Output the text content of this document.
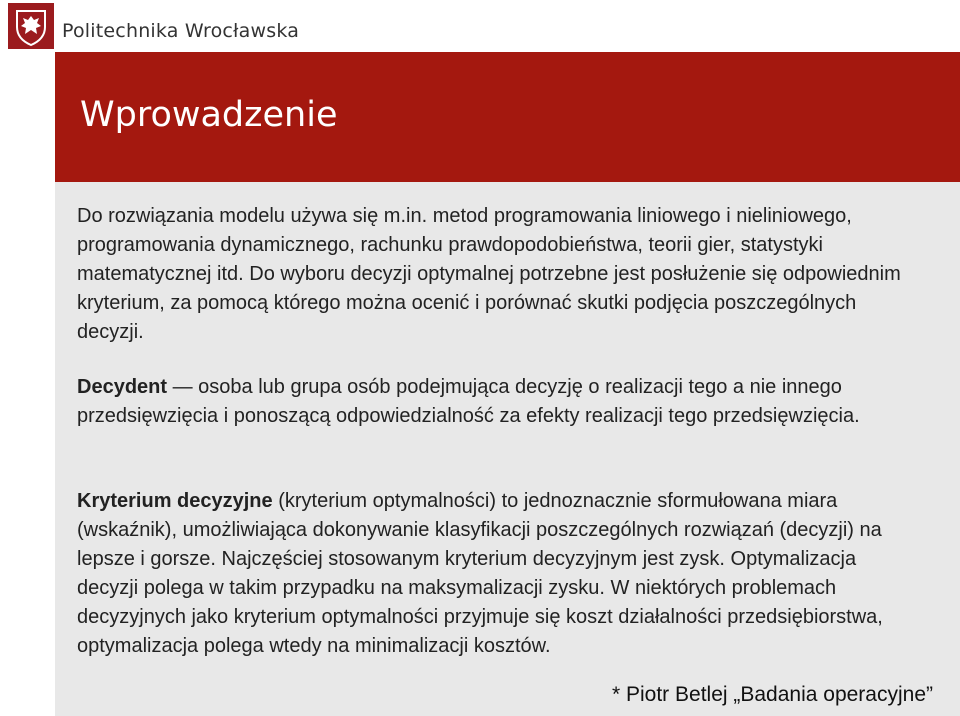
Politechnika Wrocławska
Wprowadzenie
Do rozwiązania modelu używa się m.in. metod programowania liniowego i nieliniowego, programowania dynamicznego, rachunku prawdopodobieństwa, teorii gier, statystyki matematycznej itd. Do wyboru decyzji optymalnej potrzebne jest posłużenie się odpowiednim kryterium, za pomocą którego można ocenić i porównać skutki podjęcia poszczególnych decyzji.
Decydent — osoba lub grupa osób podejmująca decyzję o realizacji tego a nie innego przedsięwzięcia i ponoszącą odpowiedzialność za efekty realizacji tego przedsięwzięcia.
Kryterium decyzyjne (kryterium optymalności) to jednoznacznie sformułowana miara (wskaźnik), umożliwiająca dokonywanie klasyfikacji poszczególnych rozwiązań (decyzji) na lepsze i gorsze. Najczęściej stosowanym kryterium decyzyjnym jest zysk. Optymalizacja decyzji polega w takim przypadku na maksymalizacji zysku. W niektórych problemach decyzyjnych jako kryterium optymalności przyjmuje się koszt działalności przedsiębiorstwa, optymalizacja polega wtedy na minimalizacji kosztów.
* Piotr Betlej „Badania operacyjne”
